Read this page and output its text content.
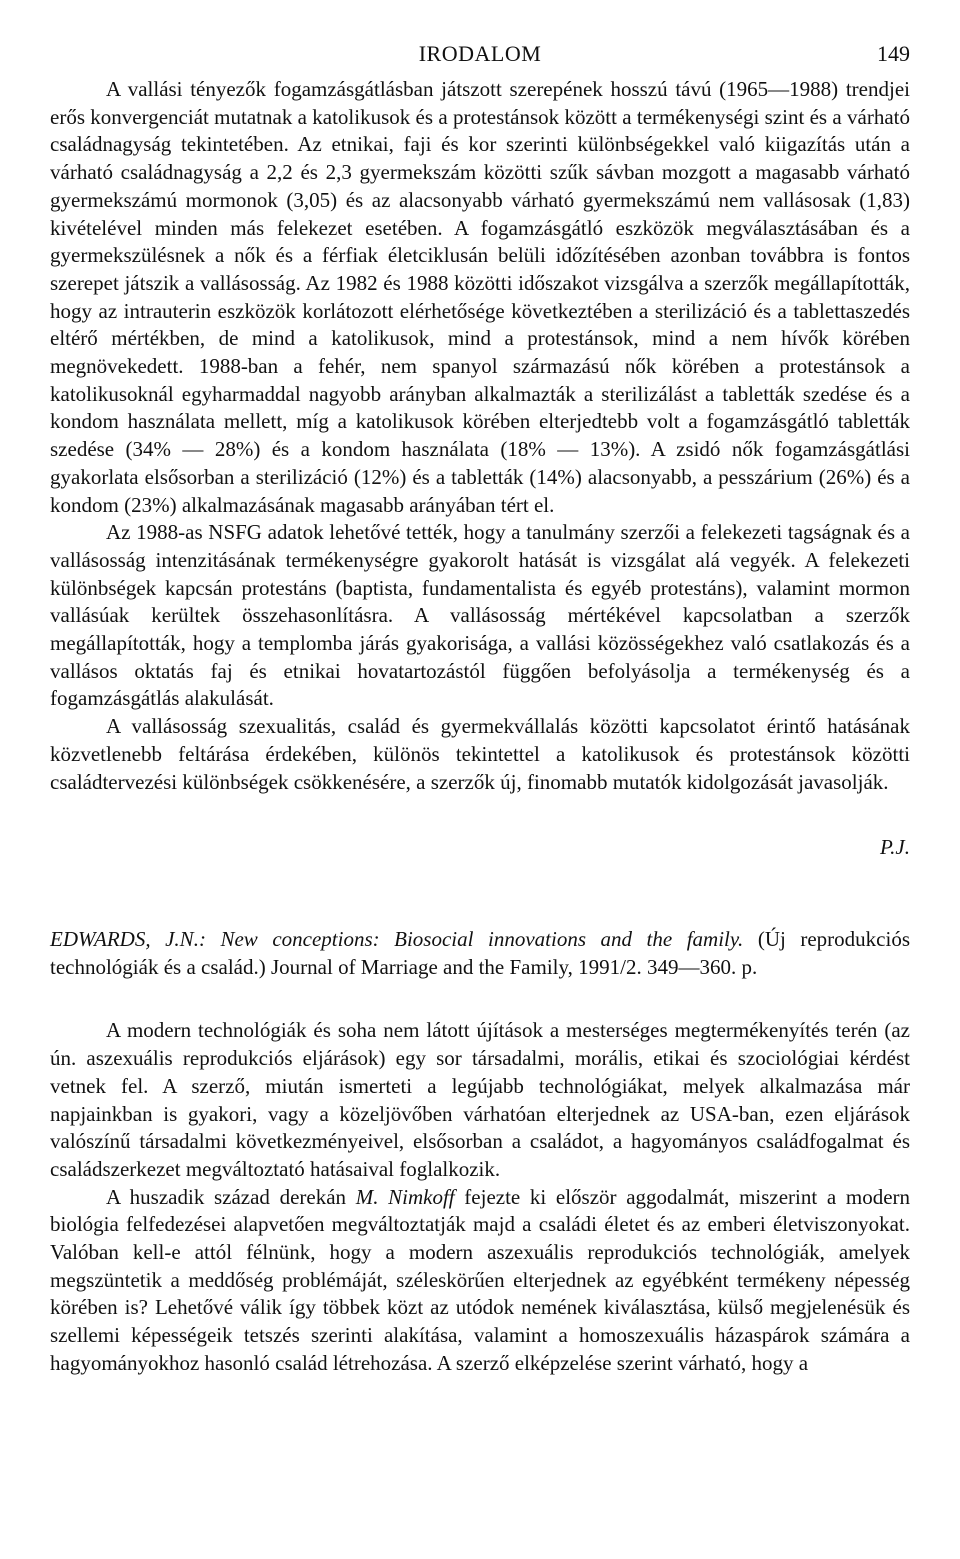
IRODALOM	149

A vallási tényezők fogamzásgátlásban játszott szerepének hosszú távú (1965—1988) trendjei erős konvergenciát mutatnak a katolikusok és a protestánsok között a termékenységi szint és a várható családnagyság tekintetében. Az etnikai, faji és kor szerinti különbségekkel való kiigazítás után a várható családnagyság a 2,2 és 2,3 gyermekszám közötti szűk sávban mozgott a magasabb várható gyermekszámú mormonok (3,05) és az alacsonyabb várható gyermekszámú nem vallásosak (1,83) kivételével minden más felekezet esetében. A fogamzásgátló eszközök megválasztásában és a gyermekszülésnek a nők és a férfiak életciklusán belüli időzítésében azonban továbbra is fontos szerepet játszik a vallásosság. Az 1982 és 1988 közötti időszakot vizsgálva a szerzők megállapították, hogy az intrauterin eszközök korlátozott elérhetősége következtében a sterilizáció és a tablettaszedés eltérő mértékben, de mind a katolikusok, mind a protestánsok, mind a nem hívők körében megnövekedett. 1988-ban a fehér, nem spanyol származású nők körében a protestánsok a katolikusoknál egyharmaddal nagyobb arányban alkalmazták a sterilizálást a tabletták szedése és a kondom használata mellett, míg a katolikusok körében elterjedtebb volt a fogamzásgátló tabletták szedése (34% — 28%) és a kondom használata (18% — 13%). A zsidó nők fogamzásgátlási gyakorlata elsősorban a sterilizáció (12%) és a tabletták (14%) alacsonyabb, a pesszárium (26%) és a kondom (23%) alkalmazásának magasabb arányában tért el.

Az 1988-as NSFG adatok lehetővé tették, hogy a tanulmány szerzői a felekezeti tagságnak és a vallásosság intenzitásának termékenységre gyakorolt hatását is vizsgálat alá vegyék. A felekezeti különbségek kapcsán protestáns (baptista, fundamentalista és egyéb protestáns), valamint mormon vallásúak kerültek összehasonlításra. A vallásosság mértékével kapcsolatban a szerzők megállapították, hogy a templomba járás gyakorisága, a vallási közösségekhez való csatlakozás és a vallásos oktatás faj és etnikai hovatartozástól függően befolyásolja a termékenység és a fogamzásgátlás alakulását.

A vallásosság szexualitás, család és gyermekvállalás közötti kapcsolatot érintő hatásának közvetlenebb feltárása érdekében, különös tekintettel a katolikusok és protestánsok közötti családtervezési különbségek csökkenésére, a szerzők új, finomabb mutatók kidolgozását javasolják.

P.J.

EDWARDS, J.N.: New conceptions: Biosocial innovations and the family. (Új reprodukciós technológiák és a család.) Journal of Marriage and the Family, 1991/2. 349—360. p.

A modern technológiák és soha nem látott újítások a mesterséges megtermékenyítés terén (az ún. aszexuális reprodukciós eljárások) egy sor társadalmi, morális, etikai és szociológiai kérdést vetnek fel. A szerző, miután ismerteti a legújabb technológiákat, melyek alkalmazása már napjainkban is gyakori, vagy a közeljövőben várhatóan elterjednek az USA-ban, ezen eljárások valószínű társadalmi következményeivel, elsősorban a családot, a hagyományos családfogalmat és családszerkezet megváltoztató hatásaival foglalkozik.

A huszadik század derekán M. Nimkoff fejezte ki először aggodalmát, miszerint a modern biológia felfedezései alapvetően megváltoztatják majd a családi életet és az emberi életviszonyokat. Valóban kell-e attól félnünk, hogy a modern aszexuális reprodukciós technológiák, amelyek megszüntetik a meddőség problémáját, széleskörűen elterjednek az egyébként termékeny népesség körében is? Lehetővé válik így többek közt az utódok nemének kiválasztása, külső megjelenésük és szellemi képességeik tetszés szerinti alakítása, valamint a homoszexuális házaspárok számára a hagyományokhoz hasonló család létrehozása. A szerző elképzelése szerint várható, hogy a
